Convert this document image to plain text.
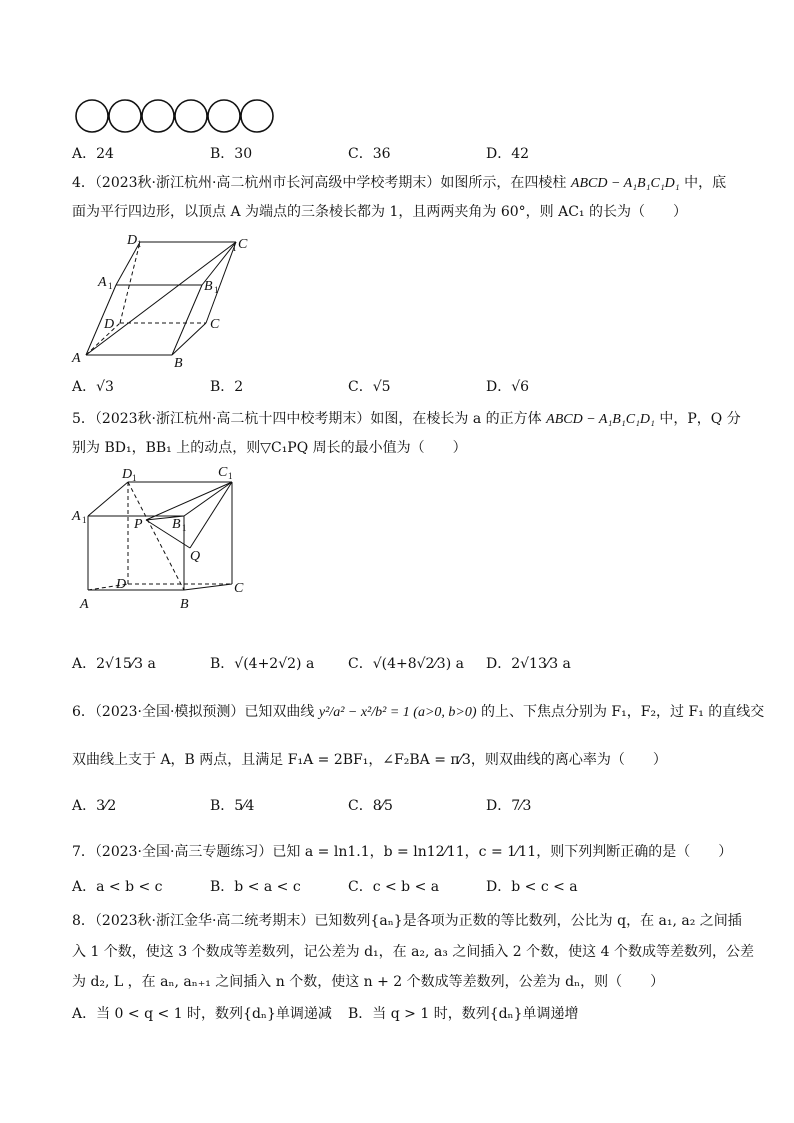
A．24	B．30	C．36	D．42
4．（2023秋·浙江杭州·高二杭州市长河高级中学校考期末）如图所示，在四棱柱 ABCD − A₁B₁C₁D₁ 中，底
面为平行四边形，以顶点 A 为端点的三条棱长都为 1，且两两夹角为 60°，则 AC₁ 的长为（　　）
A	B
C
D
A 1	B 1
C
1
D 1
A．√3	B．2	C．√5	D．√6
5．（2023秋·浙江杭州·高二杭十四中校考期末）如图，在棱长为 a 的正方体 ABCD − A₁B₁C₁D₁ 中，P，Q 分
别为 BD₁，BB₁ 上的动点，则▽C₁PQ 周长的最小值为（　　）
A 1
D 1	C 1
B 1
P
Q
D	C
A	B
A．2√15⁄3 a	B．√(4+2√2) a C．√(4+8√2⁄3) a D．2√13⁄3 a
6．（2023·全国·模拟预测）已知双曲线 y²/a² − x²/b² = 1 (a>0, b>0) 的上、下焦点分别为 F₁，F₂，过 F₁ 的直线交
双曲线上支于 A，B 两点，且满足 F₁A = 2BF₁，∠F₂BA = π⁄3，则双曲线的离心率为（　　）
A．3⁄2	B．5⁄4	C．8⁄5	D．7⁄3
7．（2023·全国·高三专题练习）已知 a = ln1.1，b = ln12⁄11，c = 1⁄11，则下列判断正确的是（　　）
A．a < b < c	B．b < a < c	C．c < b < a	D．b < c < a
8．（2023秋·浙江金华·高二统考期末）已知数列{aₙ}是各项为正数的等比数列，公比为 q，在 a₁, a₂ 之间插
入 1 个数，使这 3 个数成等差数列，记公差为 d₁，在 a₂, a₃ 之间插入 2 个数，使这 4 个数成等差数列，公差
为 d₂, L ，在 aₙ, aₙ₊₁ 之间插入 n 个数，使这 n + 2 个数成等差数列，公差为 dₙ，则（　　）
A．当 0 < q < 1 时，数列{dₙ}单调递减 B．当 q > 1 时，数列{dₙ}单调递增
